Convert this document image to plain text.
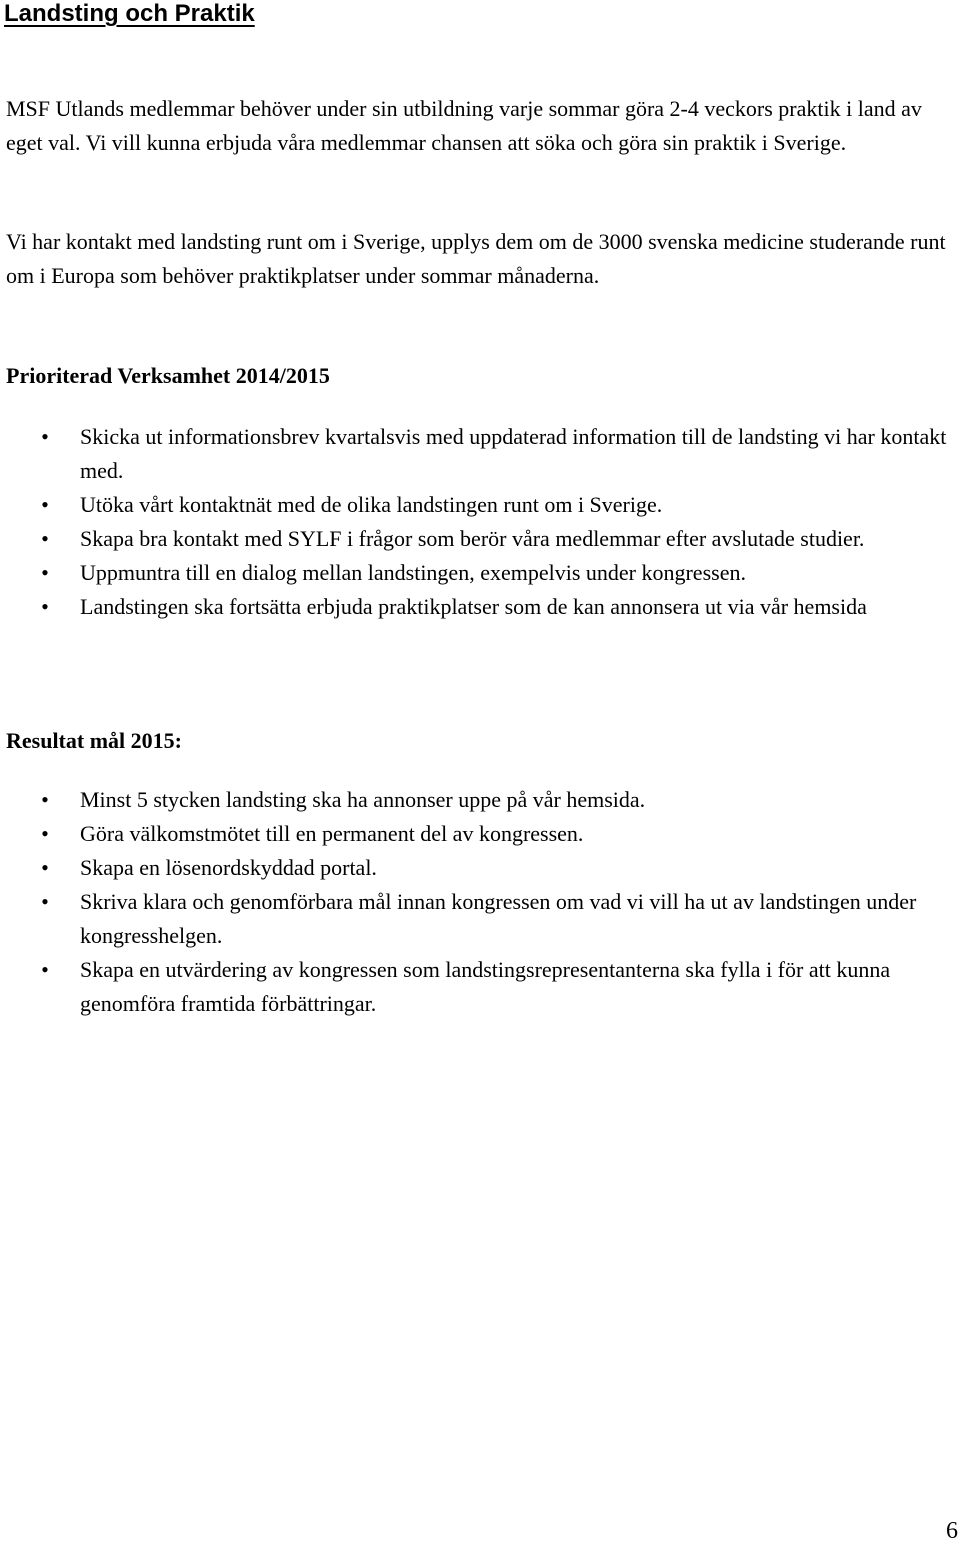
Landsting och Praktik

MSF Utlands medlemmar behöver under sin utbildning varje sommar göra 2-4 veckors praktik i land av eget val. Vi vill kunna erbjuda våra medlemmar chansen att söka och göra sin praktik i Sverige.

Vi har kontakt med landsting runt om i Sverige, upplys dem om de 3000 svenska medicine studerande runt om i Europa som behöver praktikplatser under sommar månaderna.

Prioriterad Verksamhet 2014/2015
• Skicka ut informationsbrev kvartalsvis med uppdaterad information till de landsting vi har kontakt med.
• Utöka vårt kontaktnät med de olika landstingen runt om i Sverige.
• Skapa bra kontakt med SYLF i frågor som berör våra medlemmar efter avslutade studier.
• Uppmuntra till en dialog mellan landstingen, exempelvis under kongressen.
• Landstingen ska fortsätta erbjuda praktikplatser som de kan annonsera ut via vår hemsida
Resultat mål 2015:
• Minst 5 stycken landsting ska ha annonser uppe på vår hemsida.
• Göra välkomstmötet till en permanent del av kongressen.
• Skapa en lösenordskyddad portal.
• Skriva klara och genomförbara mål innan kongressen om vad vi vill ha ut av landstingen under kongresshelgen.
• Skapa en utvärdering av kongressen som landstingsrepresentanterna ska fylla i för att kunna genomföra framtida förbättringar.

6
